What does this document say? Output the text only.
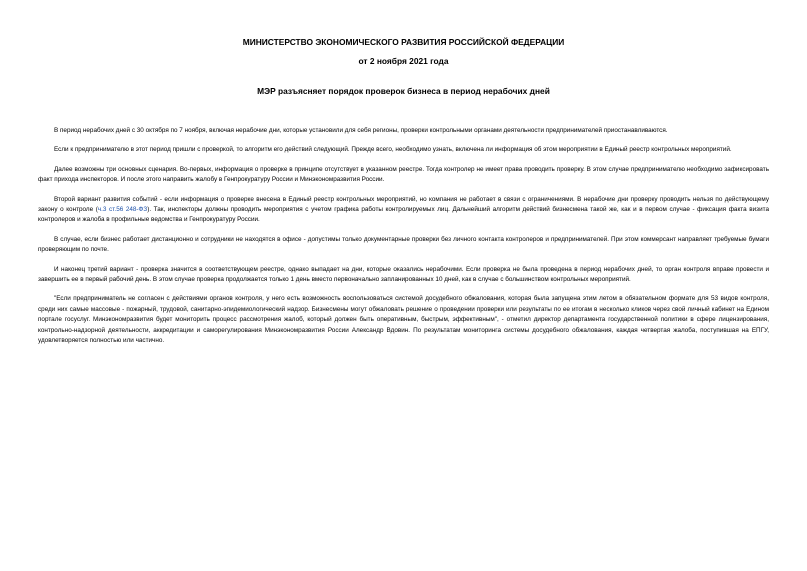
МИНИСТЕРСТВО ЭКОНОМИЧЕСКОГО РАЗВИТИЯ РОССИЙСКОЙ ФЕДЕРАЦИИ
от 2 ноября 2021 года
МЭР разъясняет порядок проверок бизнеса в период нерабочих дней

В период нерабочих дней с 30 октября по 7 ноября, включая нерабочие дни, которые установили для себя регионы, проверки контрольными органами деятельности предпринимателей приостанавливаются.

Если к предпринимателю в этот период пришли с проверкой, то алгоритм его действий следующий. Прежде всего, необходимо узнать, включена ли информация об этом мероприятии в Единый реестр контрольных мероприятий.

Далее возможны три основных сценария. Во-первых, информация о проверке в принципе отсутствует в указанном реестре. Тогда контролер не имеет права проводить проверку. В этом случае предпринимателю необходимо зафиксировать факт прихода инспекторов. И после этого направить жалобу в Генпрокуратуру России и Минэкономразвития России.

Второй вариант развития событий - если информация о проверке внесена в Единый реестр контрольных мероприятий, но компания не работает в связи с ограничениями. В нерабочие дни проверку проводить нельзя по действующему закону о контроле (ч.3 ст.56 248-ФЗ). Так, инспекторы должны проводить мероприятия с учетом графика работы контролируемых лиц. Дальнейший алгоритм действий бизнесмена такой же, как и в первом случае - фиксация факта визита контролеров и жалоба в профильные ведомства и Генпрокуратуру России.

В случае, если бизнес работает дистанционно и сотрудники не находятся в офисе - допустимы только документарные проверки без личного контакта контролеров и предпринимателей. При этом коммерсант направляет требуемые бумаги проверяющим по почте.

И наконец третий вариант - проверка значится в соответствующем реестре, однако выпадает на дни, которые оказались нерабочими. Если проверка не была проведена в период нерабочих дней, то орган контроля вправе провести и завершить ее в первый рабочий день. В этом случае проверка продолжается только 1 день вместо первоначально запланированных 10 дней, как в случае с большинством контрольных мероприятий.

"Если предприниматель не согласен с действиями органов контроля, у него есть возможность воспользоваться системой досудебного обжалования, которая была запущена этим летом в обязательном формате для 53 видов контроля, среди них самые массовые - пожарный, трудовой, санитарно-эпидемиологический надзор. Бизнесмены могут обжаловать решение о проведении проверки или результаты по ее итогам в несколько кликов через свой личный кабинет на Едином портале госуслуг. Минэкономразвития будет мониторить процесс рассмотрения жалоб, который должен быть оперативным, быстрым, эффективным", - отметил директор департамента государственной политики в сфере лицензирования, контрольно-надзорной деятельности, аккредитации и саморегулирования Минэкономразвития России Александр Вдовин. По результатам мониторинга системы досудебного обжалования, каждая четвертая жалоба, поступившая на ЕПГУ, удовлетворяется полностью или частично.
